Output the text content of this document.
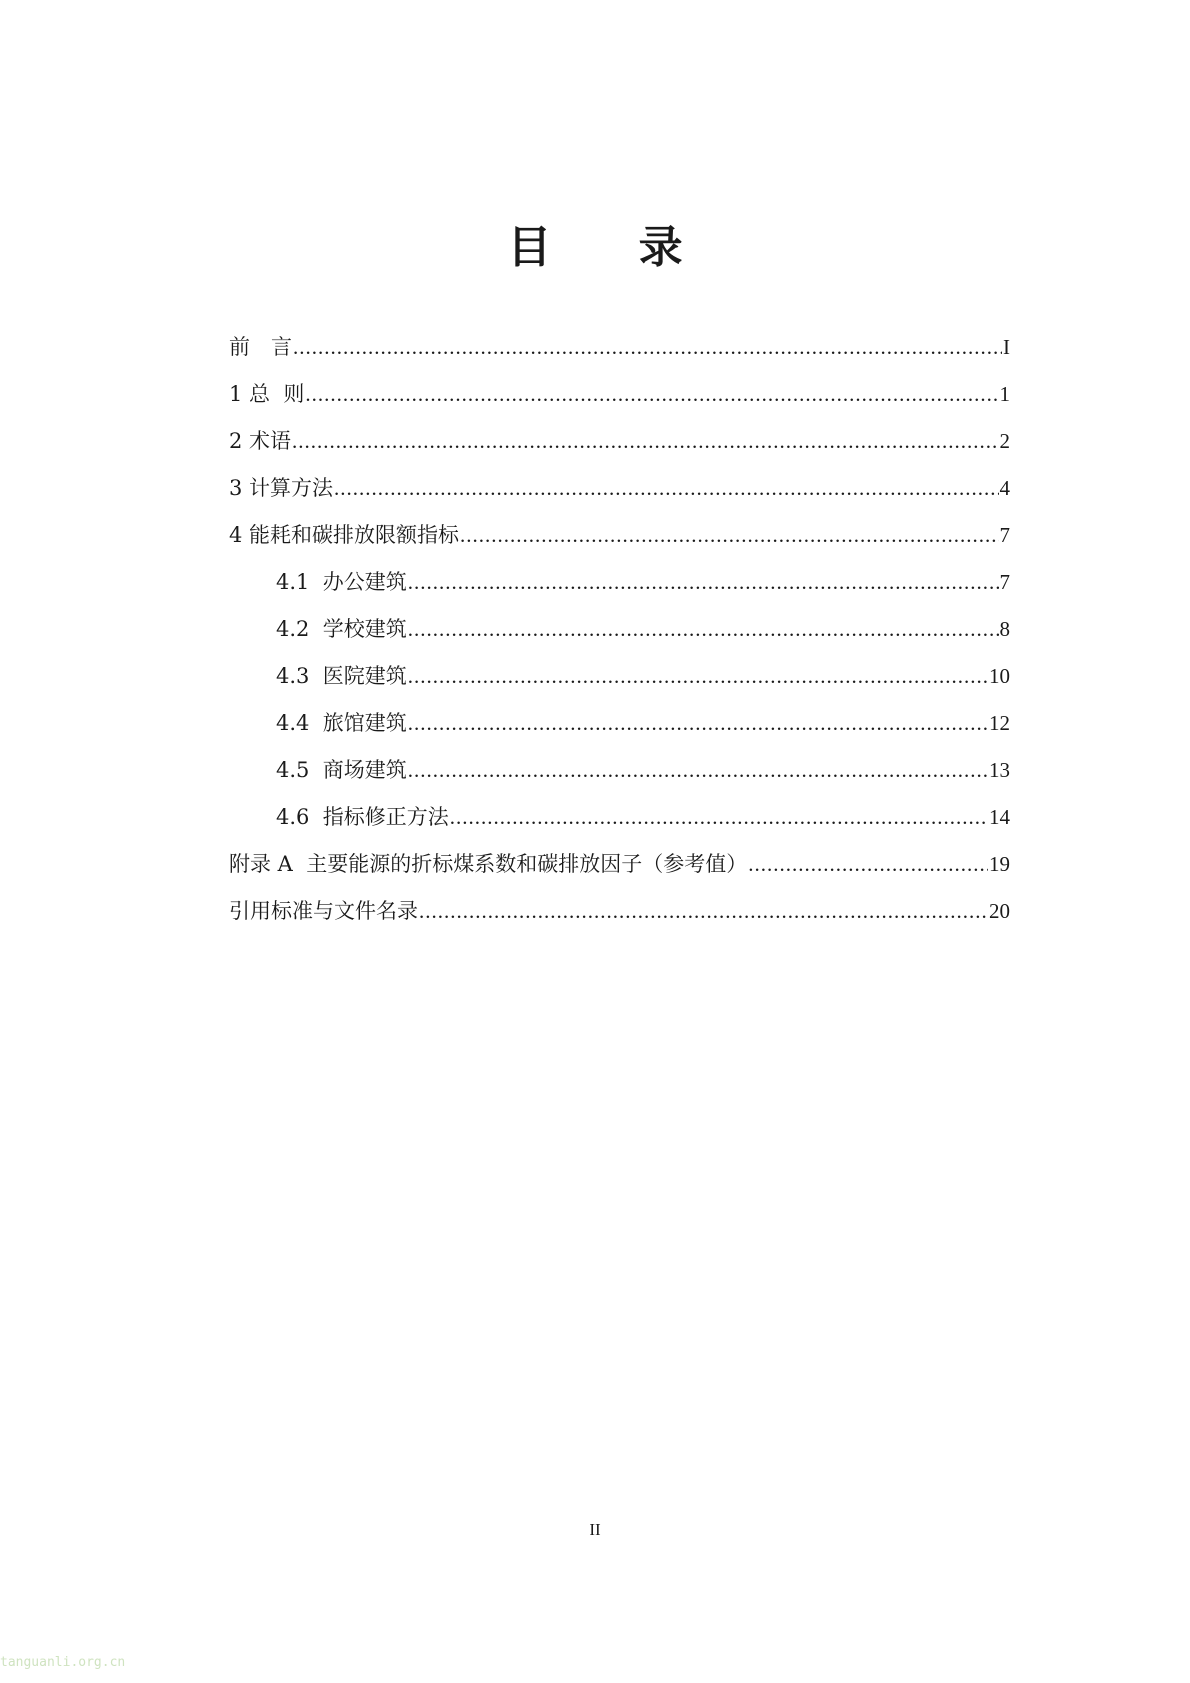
目 录
前　言 .....	I
1 总  则 .....	1
2 术语 .....	2
3 计算方法 .....	4
4 能耗和碳排放限额指标 .....	7
4.1  办公建筑 .....	7
4.2  学校建筑 .....	8
4.3  医院建筑 .....	10
4.4  旅馆建筑 .....	12
4.5  商场建筑 .....	13
4.6  指标修正方法 .....	14
附录 A  主要能源的折标煤系数和碳排放因子（参考值） .....	19
引用标准与文件名录 .....	20
II
tanguanli.org.cn
